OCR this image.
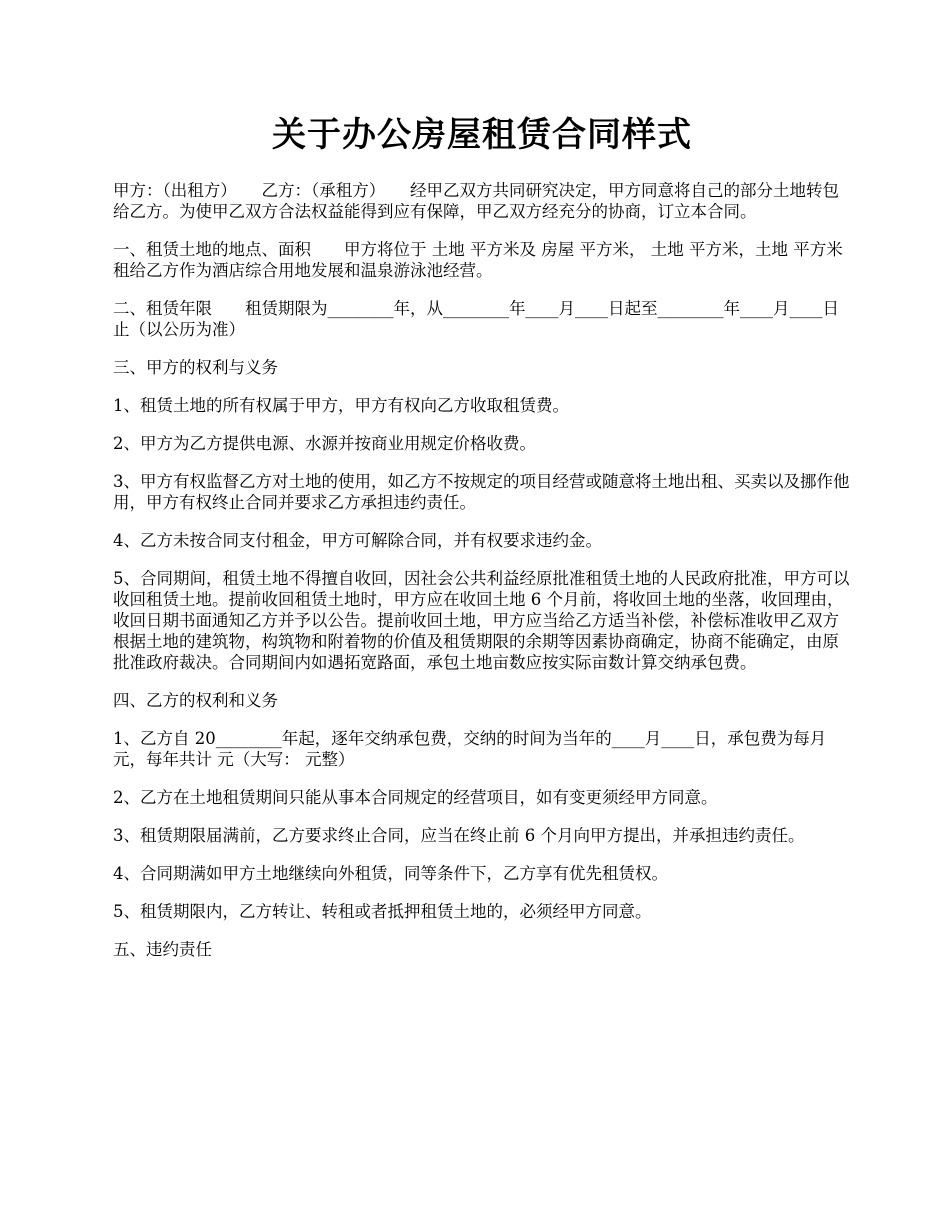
关于办公房屋租赁合同样式

甲方：（出租方）　　乙方：（承租方）　　经甲乙双方共同研究决定，甲方同意将自己的部分土地转包给乙方。为使甲乙双方合法权益能得到应有保障，甲乙双方经充分的协商，订立本合同。

一、租赁土地的地点、面积　　甲方将位于 土地 平方米及 房屋 平方米， 土地 平方米，土地 平方米租给乙方作为酒店综合用地发展和温泉游泳池经营。

二、租赁年限　　租赁期限为________年，从________年____月____日起至________年____月____日止（以公历为准）

三、甲方的权利与义务

1、租赁土地的所有权属于甲方，甲方有权向乙方收取租赁费。

2、甲方为乙方提供电源、水源并按商业用规定价格收费。

3、甲方有权监督乙方对土地的使用，如乙方不按规定的项目经营或随意将土地出租、买卖以及挪作他用，甲方有权终止合同并要求乙方承担违约责任。

4、乙方未按合同支付租金，甲方可解除合同，并有权要求违约金。

5、合同期间，租赁土地不得擅自收回，因社会公共利益经原批准租赁土地的人民政府批准，甲方可以收回租赁土地。提前收回租赁土地时，甲方应在收回土地 6 个月前，将收回土地的坐落，收回理由，收回日期书面通知乙方并予以公告。提前收回土地，甲方应当给乙方适当补偿，补偿标准收甲乙双方根据土地的建筑物，构筑物和附着物的价值及租赁期限的余期等因素协商确定，协商不能确定，由原批准政府裁决。合同期间内如遇拓宽路面，承包土地亩数应按实际亩数计算交纳承包费。

四、乙方的权利和义务

1、乙方自 20________年起，逐年交纳承包费，交纳的时间为当年的____月____日，承包费为每月 元，每年共计 元（大写： 元整）

2、乙方在土地租赁期间只能从事本合同规定的经营项目，如有变更须经甲方同意。

3、租赁期限届满前，乙方要求终止合同，应当在终止前 6 个月向甲方提出，并承担违约责任。

4、合同期满如甲方土地继续向外租赁，同等条件下，乙方享有优先租赁权。

5、租赁期限内，乙方转让、转租或者抵押租赁土地的，必须经甲方同意。

五、违约责任
